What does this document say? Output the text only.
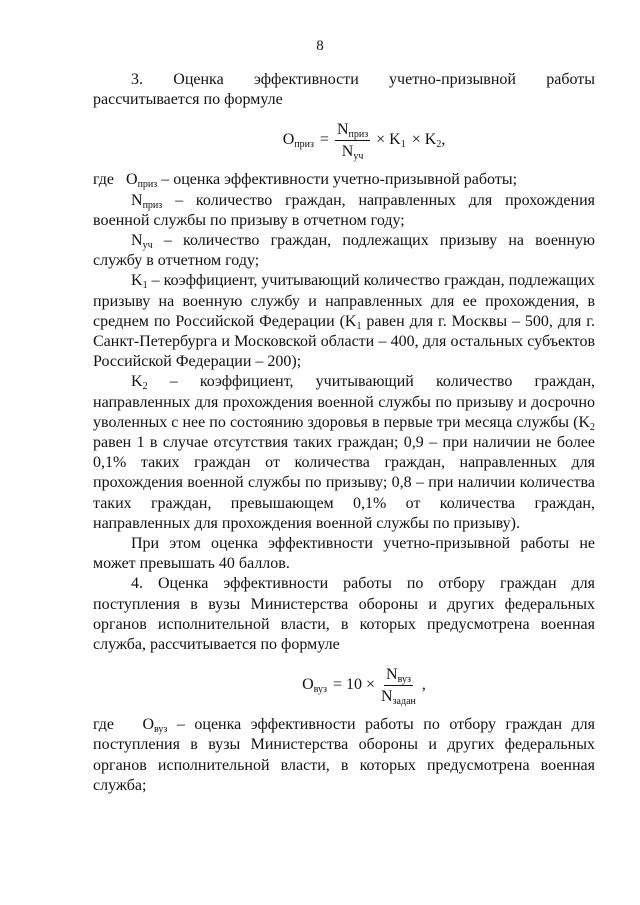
8

3. Оценка эффективности учетно-призывной работы

рассчитывается по формуле

$О_{приз} = \frac{N_{приз}}{N_{уч}} \times K_1 \times K_2$,

где $О_{приз}$ – оценка эффективности учетно-призывной работы;

$N_{приз}$ – количество граждан, направленных для прохождения военной службы по призыву в отчетном году;

$N_{уч}$ – количество граждан, подлежащих призыву на военную службу в отчетном году;

$K_1$ – коэффициент, учитывающий количество граждан, подлежащих призыву на военную службу и направленных для ее прохождения, в среднем по Российской Федерации ($K_1$ равен для г. Москвы – 500, для г. Санкт-Петербурга и Московской области – 400, для остальных субъектов Российской Федерации – 200);

$K_2$ – коэффициент, учитывающий количество граждан, направленных для прохождения военной службы по призыву и досрочно уволенных с нее по состоянию здоровья в первые три месяца службы ($K_2$ равен 1 в случае отсутствия таких граждан; 0,9 – при наличии не более 0,1% таких граждан от количества граждан, направленных для прохождения военной службы по призыву; 0,8 – при наличии количества таких граждан, превышающем 0,1% от количества граждан, направленных для прохождения военной службы по призыву).

При этом оценка эффективности учетно-призывной работы не может превышать 40 баллов.

4. Оценка эффективности работы по отбору граждан для поступления в вузы Министерства обороны и других федеральных органов исполнительной власти, в которых предусмотрена военная служба, рассчитывается по формуле

$О_{вуз} = 10 \times \frac{N_{вуз}}{N_{задан}}$ ,

где $О_{вуз}$ – оценка эффективности работы по отбору граждан для поступления в вузы Министерства обороны и других федеральных органов исполнительной власти, в которых предусмотрена военная служба;
